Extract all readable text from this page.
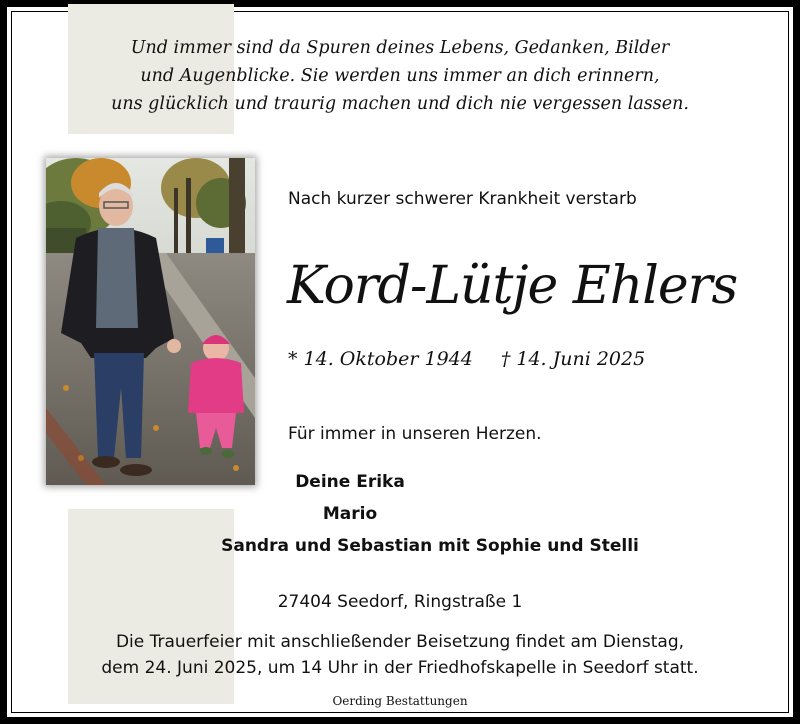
Und immer sind da Spuren deines Lebens, Gedanken, Bilder
und Augenblicke. Sie werden uns immer an dich erinnern,
uns glücklich und traurig machen und dich nie vergessen lassen.
Nach kurzer schwerer Krankheit verstarb
Kord-Lütje Ehlers
* 14. Oktober 1944 † 14. Juni 2025
Für immer in unseren Herzen.
Deine Erika
Mario
Sandra und Sebastian mit Sophie und Stelli
27404 Seedorf, Ringstraße 1
Die Trauerfeier mit anschließender Beisetzung findet am Dienstag,
dem 24. Juni 2025, um 14 Uhr in der Friedhofskapelle in Seedorf statt.
Oerding Bestattungen
